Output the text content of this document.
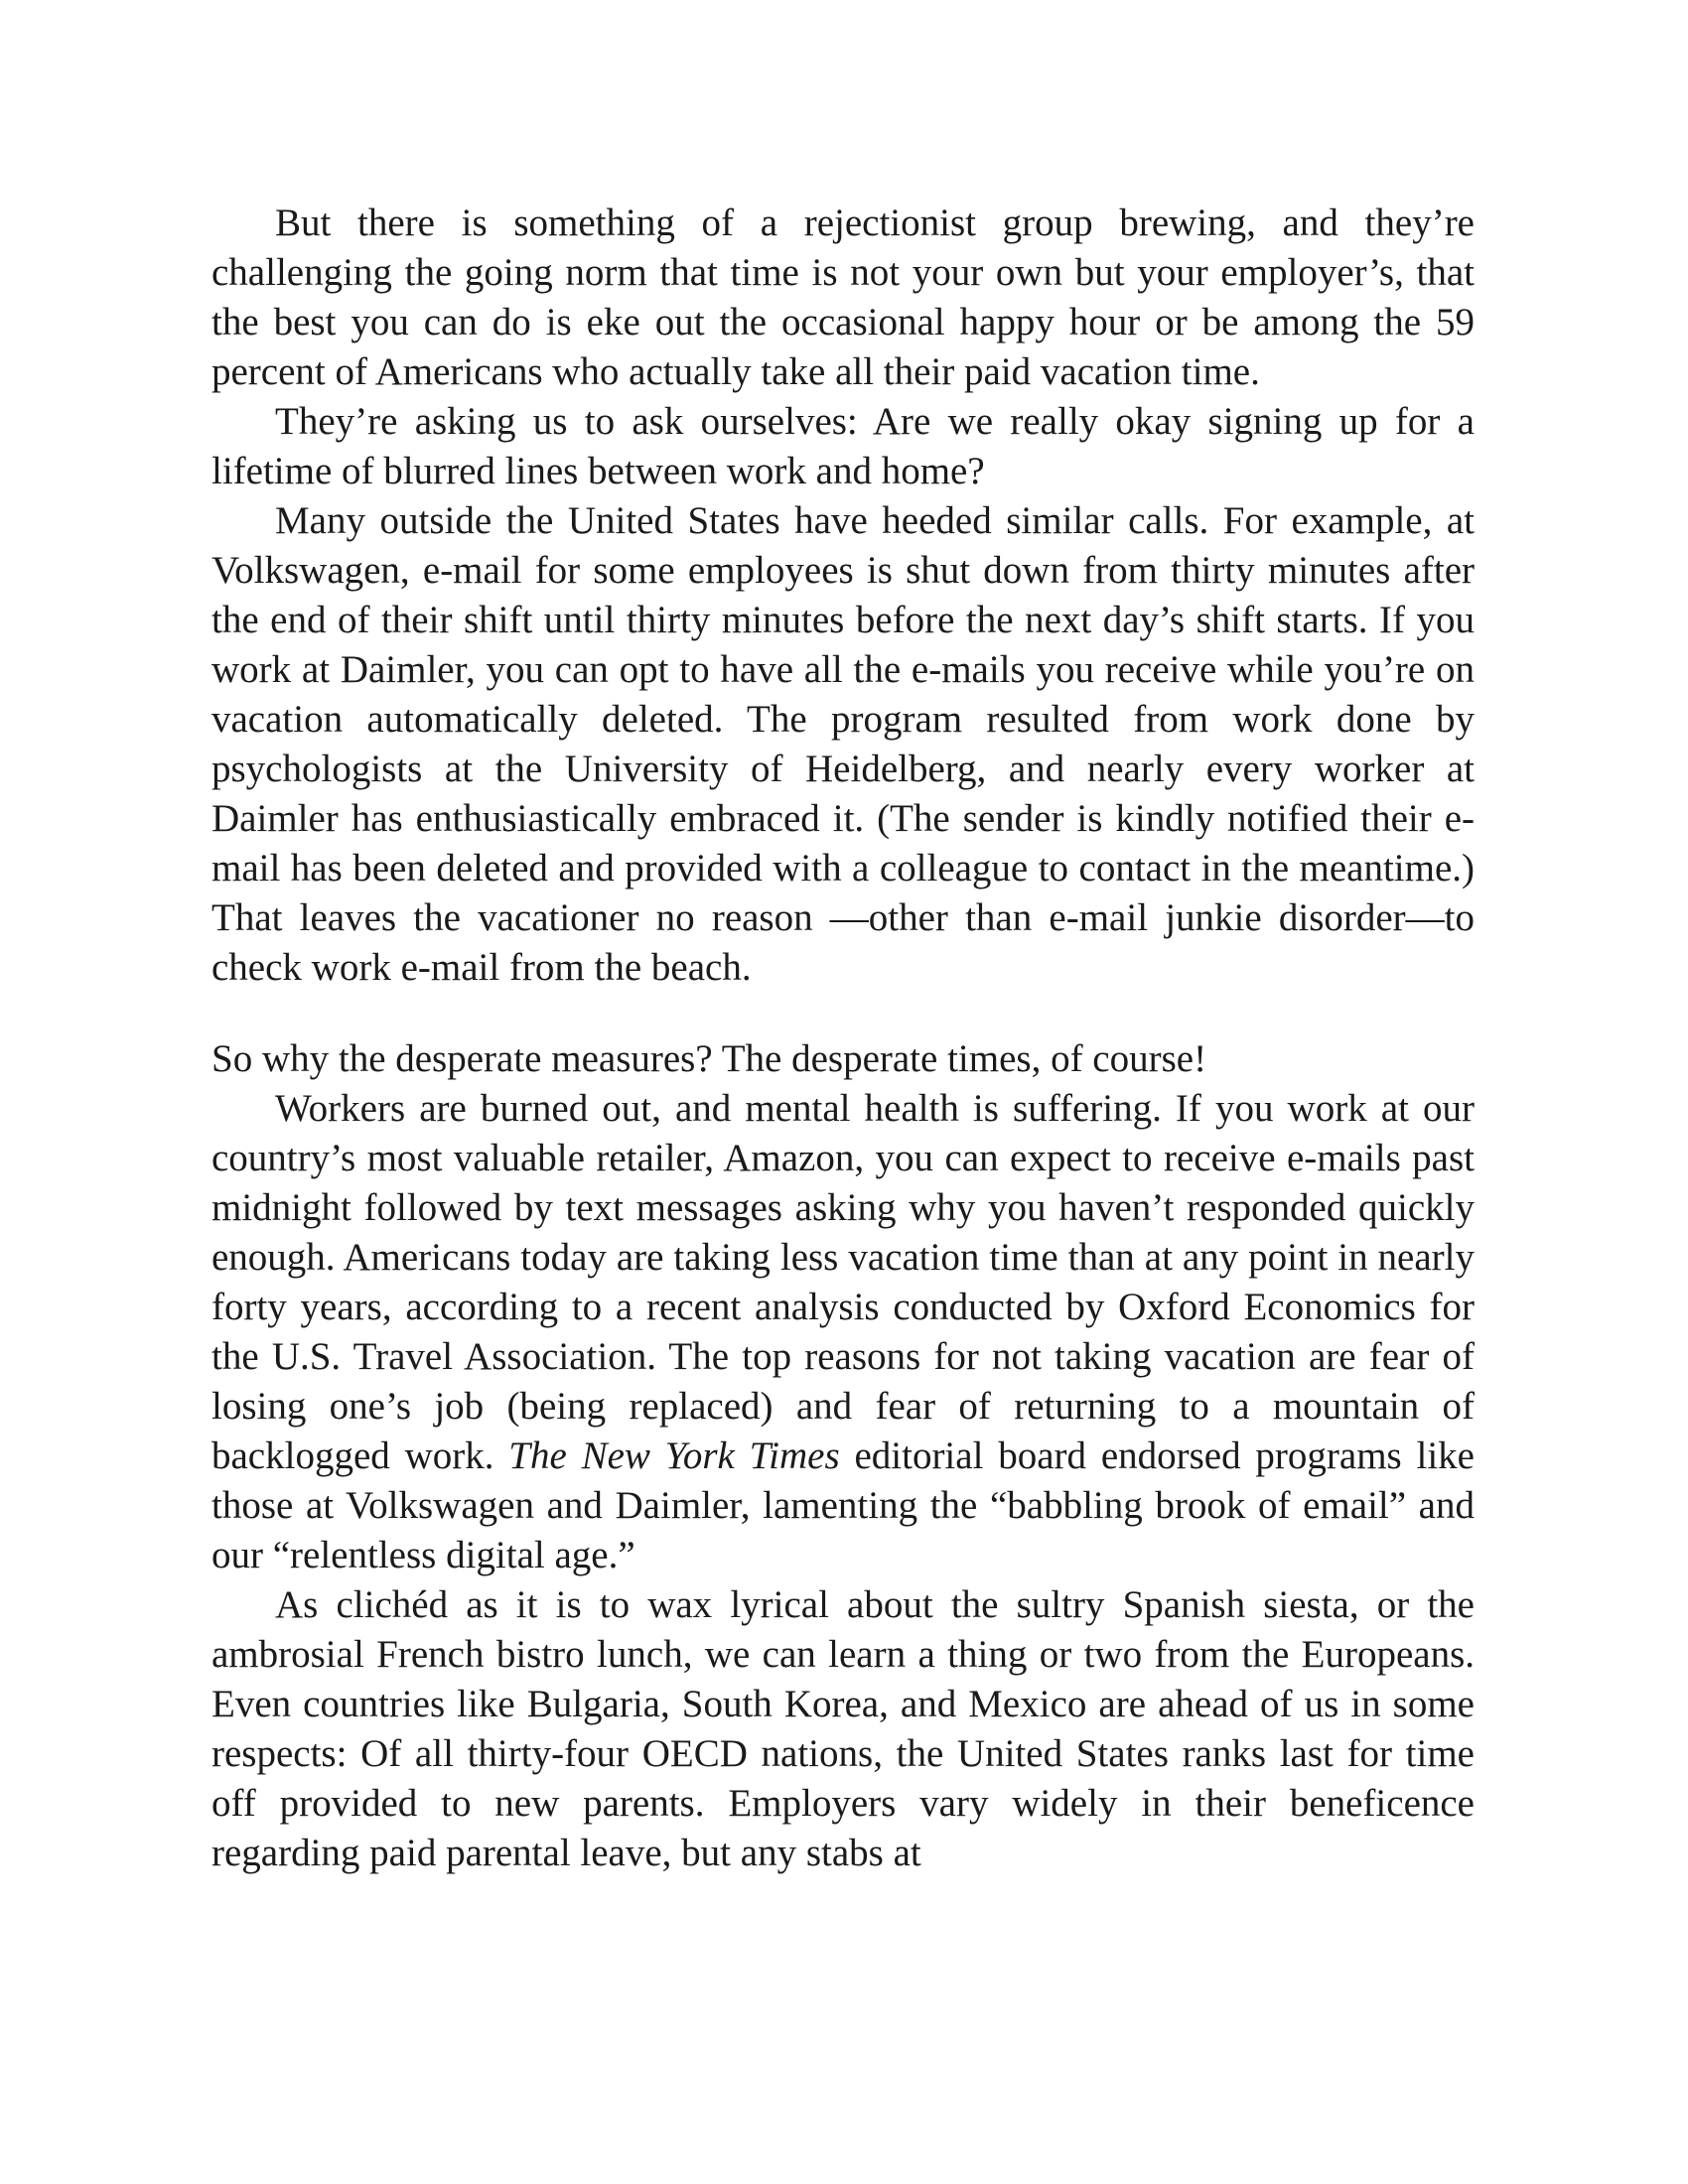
But there is something of a rejectionist group brewing, and they’re challenging the going norm that time is not your own but your employer’s, that the best you can do is eke out the occasional happy hour or be among the 59 percent of Americans who actually take all their paid vacation time.

They’re asking us to ask ourselves: Are we really okay signing up for a lifetime of blurred lines between work and home?

Many outside the United States have heeded similar calls. For example, at Volkswagen, e-mail for some employees is shut down from thirty minutes after the end of their shift until thirty minutes before the next day’s shift starts. If you work at Daimler, you can opt to have all the e-mails you receive while you’re on vacation automatically deleted. The program resulted from work done by psychologists at the University of Heidelberg, and nearly every worker at Daimler has enthusiastically embraced it. (The sender is kindly notified their e-mail has been deleted and provided with a colleague to contact in the meantime.) That leaves the vacationer no reason —other than e-mail junkie disorder—to check work e-mail from the beach.

So why the desperate measures? The desperate times, of course!

Workers are burned out, and mental health is suffering. If you work at our country’s most valuable retailer, Amazon, you can expect to receive e-mails past midnight followed by text messages asking why you haven’t responded quickly enough. Americans today are taking less vacation time than at any point in nearly forty years, according to a recent analysis conducted by Oxford Economics for the U.S. Travel Association. The top reasons for not taking vacation are fear of losing one’s job (being replaced) and fear of returning to a mountain of backlogged work. The New York Times editorial board endorsed programs like those at Volkswagen and Daimler, lamenting the “babbling brook of email” and our “relentless digital age.”

As clichéd as it is to wax lyrical about the sultry Spanish siesta, or the ambrosial French bistro lunch, we can learn a thing or two from the Europeans. Even countries like Bulgaria, South Korea, and Mexico are ahead of us in some respects: Of all thirty-four OECD nations, the United States ranks last for time off provided to new parents. Employers vary widely in their beneficence regarding paid parental leave, but any stabs at
